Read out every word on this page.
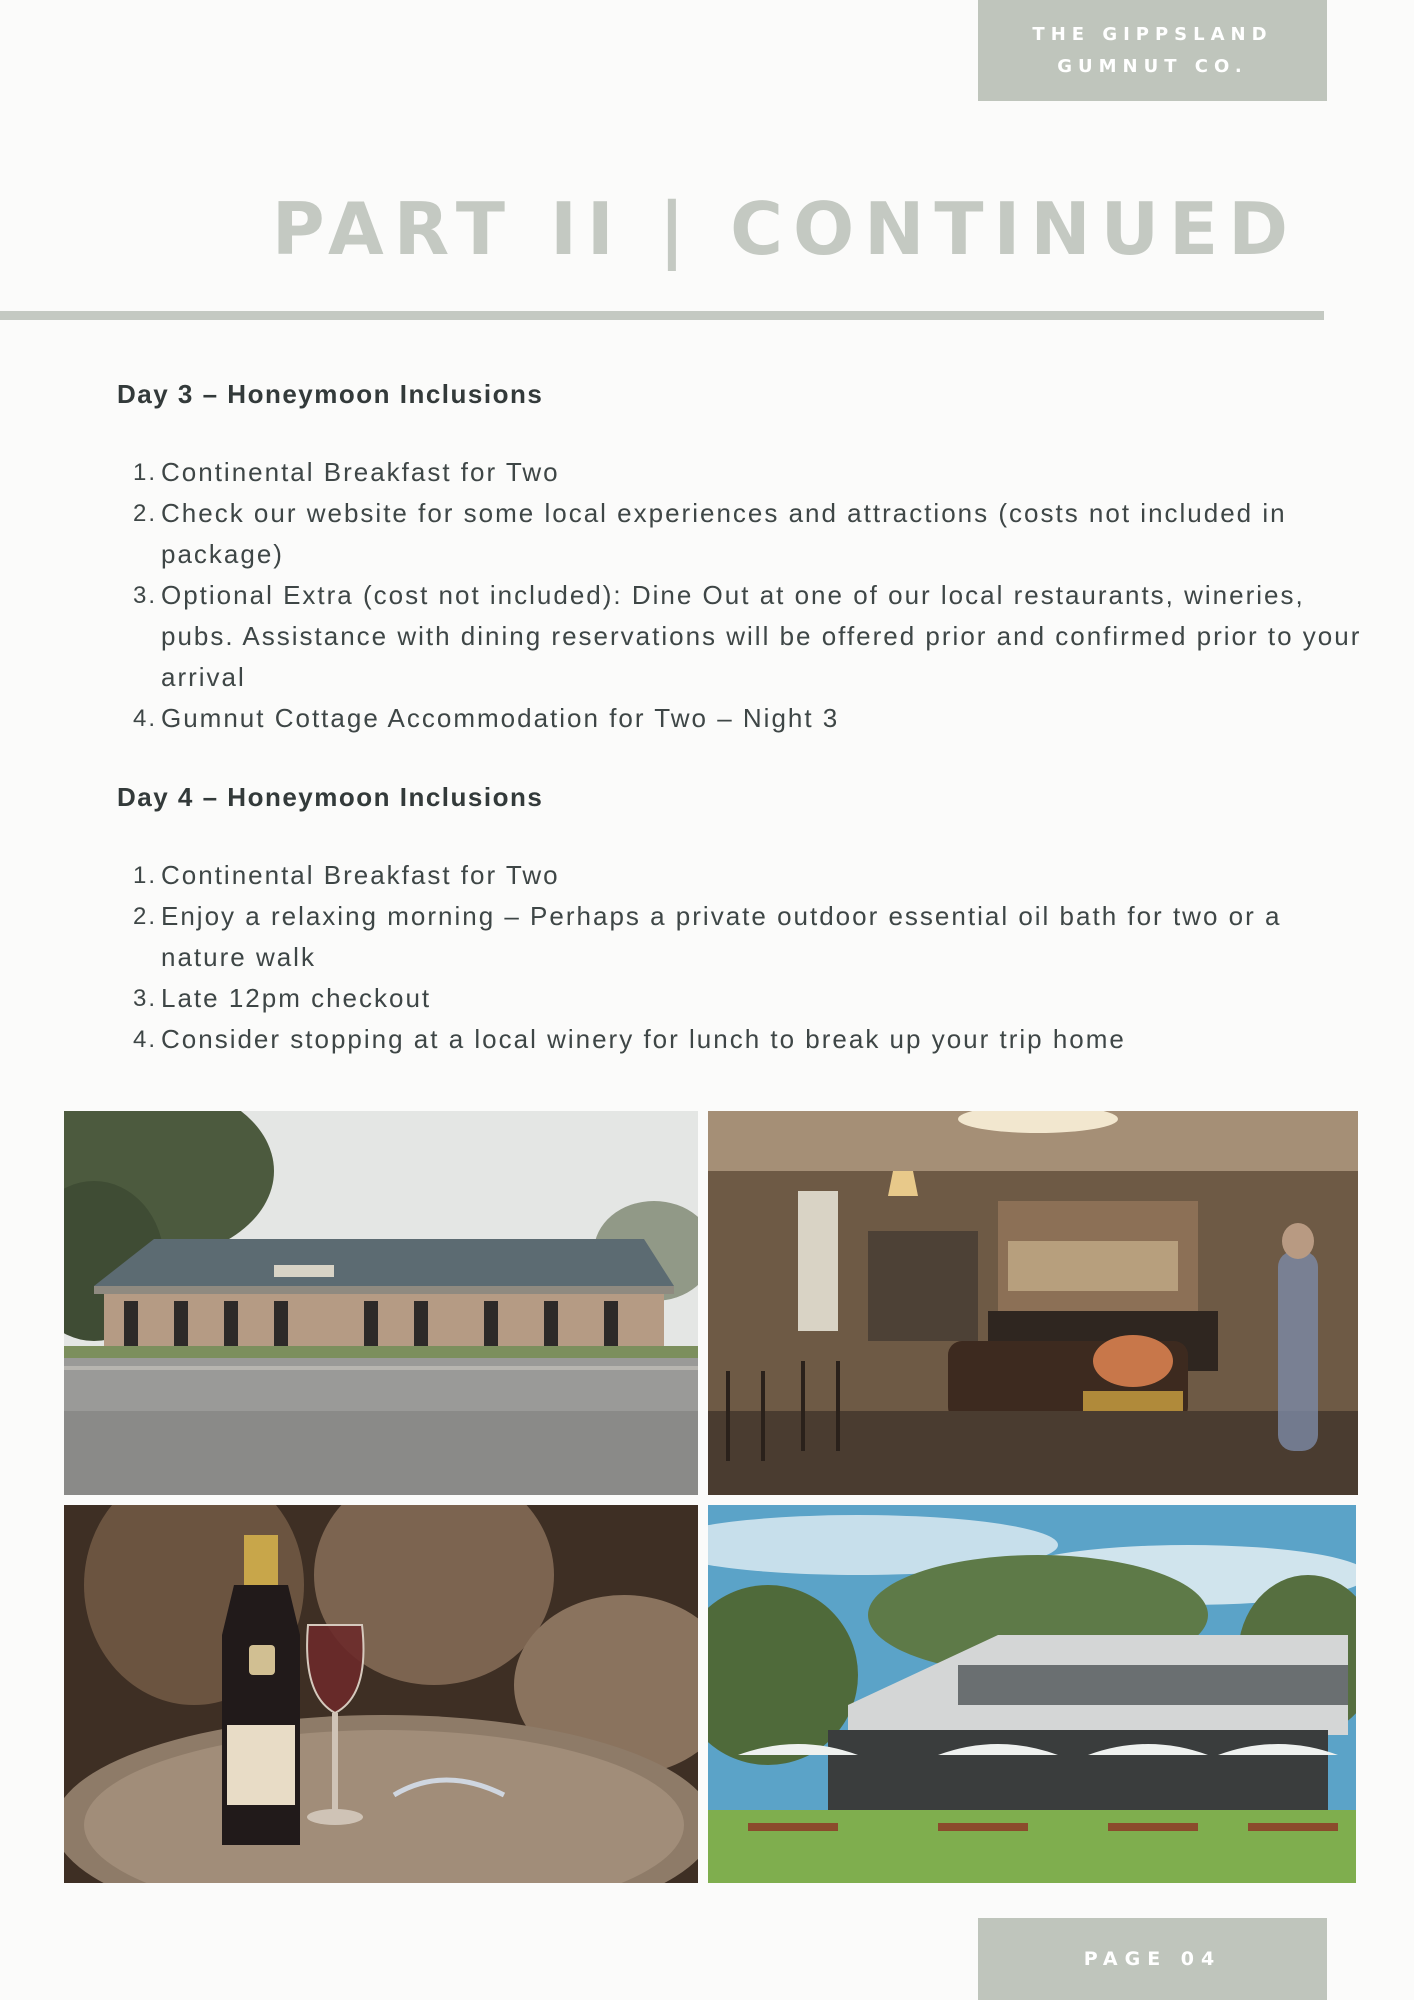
THE GIPPSLAND
GUMNUT CO.
PART II | CONTINUED
Day 3 – Honeymoon Inclusions
1. Continental Breakfast for Two
2. Check our website for some local experiences and attractions (costs not included in package)
3. Optional Extra (cost not included): Dine Out at one of our local restaurants, wineries, pubs. Assistance with dining reservations will be offered prior and confirmed prior to your arrival
4. Gumnut Cottage Accommodation for Two – Night 3
Day 4 – Honeymoon Inclusions
1. Continental Breakfast for Two
2. Enjoy a relaxing morning – Perhaps a private outdoor essential oil bath for two or a nature walk
3. Late 12pm checkout
4. Consider stopping at a local winery for lunch to break up your trip home
PAGE 04
